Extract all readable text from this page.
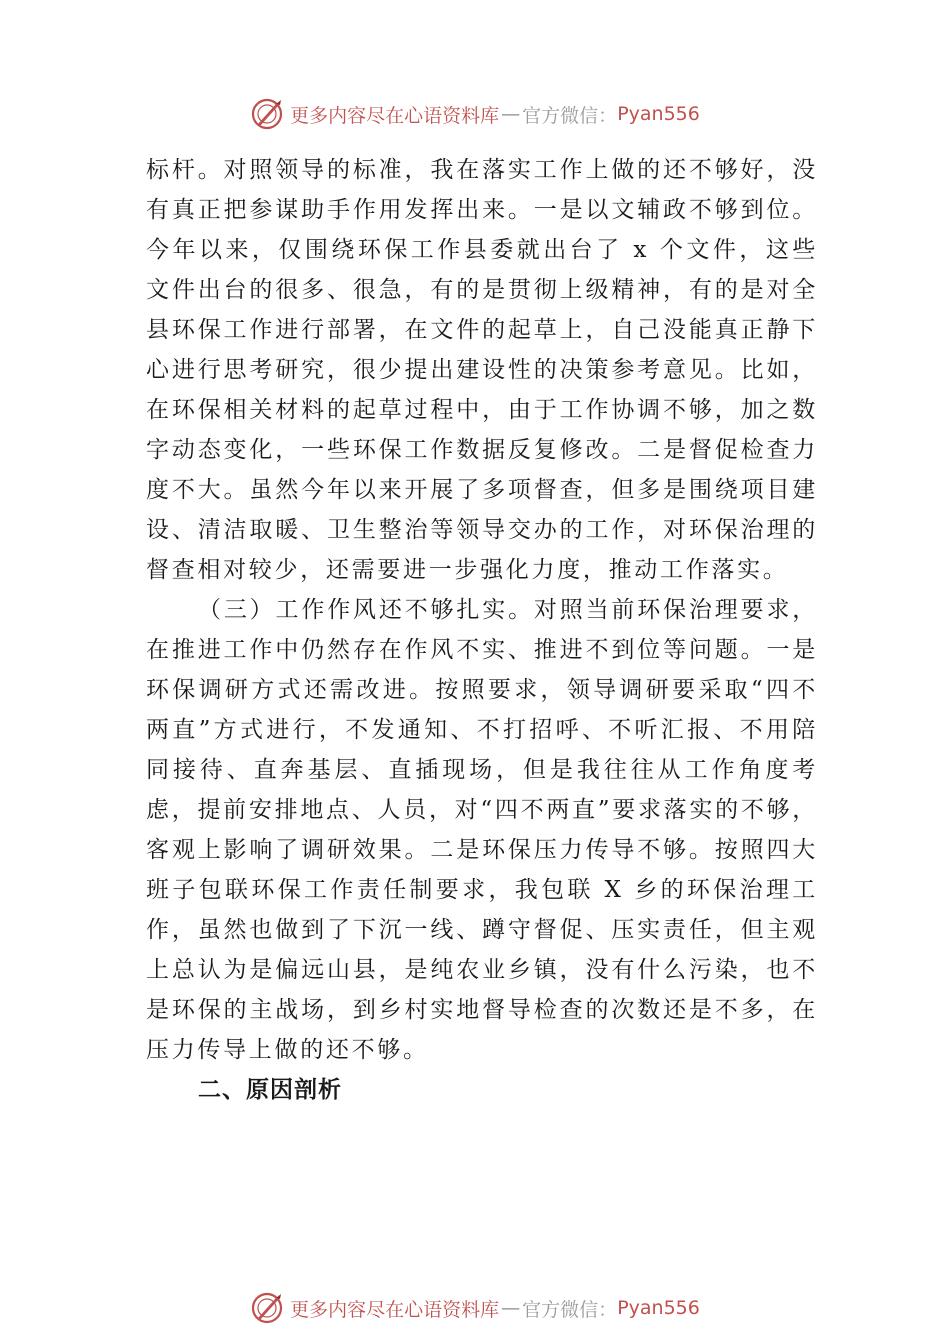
更多内容尽在心语资料库 — 官方微信： Pyan556

标杆。对照领导的标准，我在落实工作上做的还不够好，没有真正把参谋助手作用发挥出来。一是以文辅政不够到位。今年以来，仅围绕环保工作县委就出台了 x 个文件，这些文件出台的很多、很急，有的是贯彻上级精神，有的是对全县环保工作进行部署，在文件的起草上，自己没能真正静下心进行思考研究，很少提出建设性的决策参考意见。比如，在环保相关材料的起草过程中，由于工作协调不够，加之数字动态变化，一些环保工作数据反复修改。二是督促检查力度不大。虽然今年以来开展了多项督查，但多是围绕项目建设、清洁取暖、卫生整治等领导交办的工作，对环保治理的督查相对较少，还需要进一步强化力度，推动工作落实。

（三）工作作风还不够扎实。对照当前环保治理要求，在推进工作中仍然存在作风不实、推进不到位等问题。一是环保调研方式还需改进。按照要求，领导调研要采取“四不两直”方式进行，不发通知、不打招呼、不听汇报、不用陪同接待、直奔基层、直插现场，但是我往往从工作角度考虑，提前安排地点、人员，对“四不两直”要求落实的不够，客观上影响了调研效果。二是环保压力传导不够。按照四大班子包联环保工作责任制要求，我包联 X 乡的环保治理工作，虽然也做到了下沉一线、蹲守督促、压实责任，但主观上总认为是偏远山县，是纯农业乡镇，没有什么污染，也不是环保的主战场，到乡村实地督导检查的次数还是不多，在压力传导上做的还不够。

二、原因剖析

更多内容尽在心语资料库 — 官方微信： Pyan556
